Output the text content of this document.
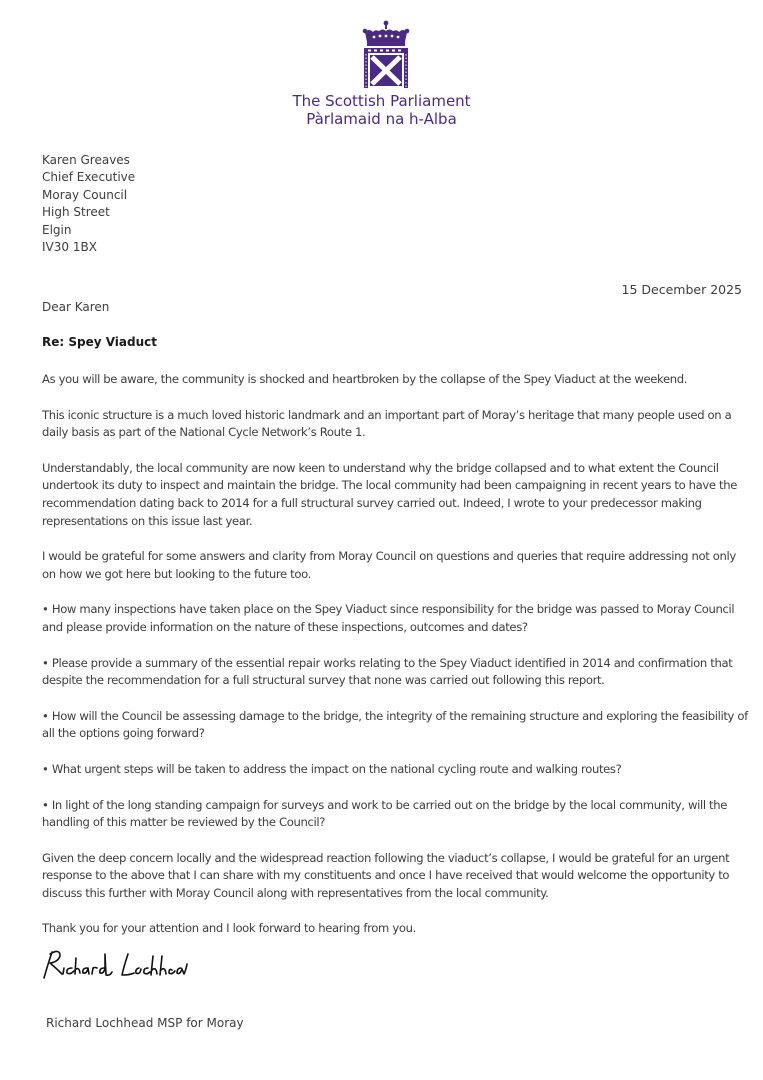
The Scottish Parliament
Pàrlamaid na h-Alba
Karen Greaves
Chief Executive
Moray Council
High Street
Elgin
IV30 1BX
15 December 2025
Dear Karen
Re: Spey Viaduct

As you will be aware, the community is shocked and heartbroken by the collapse of the Spey Viaduct at the weekend.

This iconic structure is a much loved historic landmark and an important part of Moray’s heritage that many people used on a daily basis as part of the National Cycle Network’s Route 1.

Understandably, the local community are now keen to understand why the bridge collapsed and to what extent the Council undertook its duty to inspect and maintain the bridge. The local community had been campaigning in recent years to have the recommendation dating back to 2014 for a full structural survey carried out. Indeed, I wrote to your predecessor making representations on this issue last year.

I would be grateful for some answers and clarity from Moray Council on questions and queries that require addressing not only on how we got here but looking to the future too.

• How many inspections have taken place on the Spey Viaduct since responsibility for the bridge was passed to Moray Council and please provide information on the nature of these inspections, outcomes and dates?

• Please provide a summary of the essential repair works relating to the Spey Viaduct identified in 2014 and confirmation that despite the recommendation for a full structural survey that none was carried out following this report.

• How will the Council be assessing damage to the bridge, the integrity of the remaining structure and exploring the feasibility of all the options going forward?

• What urgent steps will be taken to address the impact on the national cycling route and walking routes?

• In light of the long standing campaign for surveys and work to be carried out on the bridge by the local community, will the handling of this matter be reviewed by the Council?

Given the deep concern locally and the widespread reaction following the viaduct’s collapse, I would be grateful for an urgent response to the above that I can share with my constituents and once I have received that would welcome the opportunity to discuss this further with Moray Council along with representatives from the local community.

Thank you for your attention and I look forward to hearing from you.

Richard Lochhead MSP for Moray
